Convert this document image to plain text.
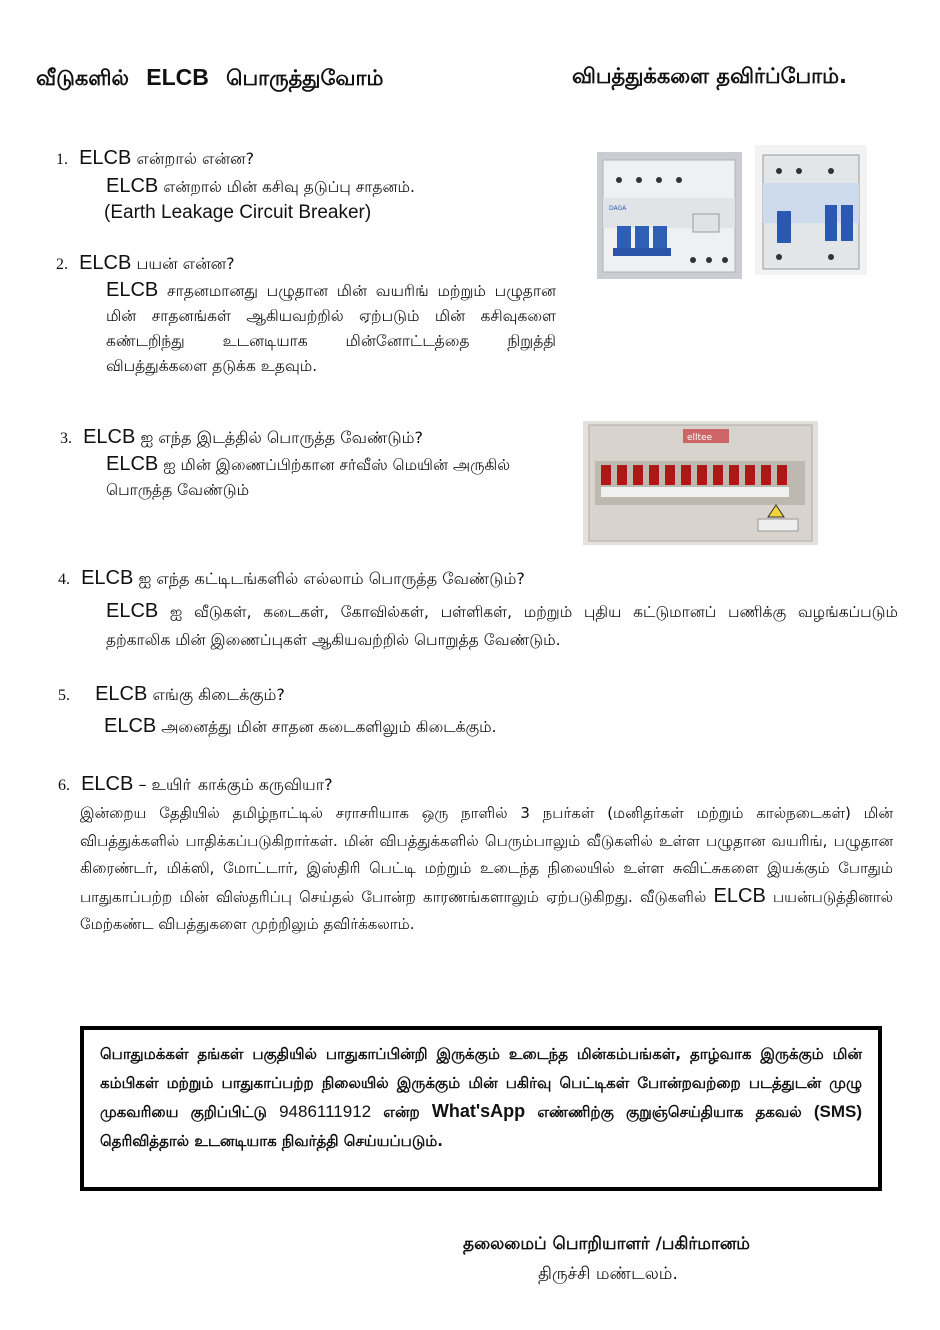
வீடுகளில் ELCB பொருத்துவோம்	விபத்துக்களை தவிர்ப்போம்.
1. ELCB என்றால் என்ன?
ELCB என்றால் மின் கசிவு தடுப்பு சாதனம்.
(Earth Leakage Circuit Breaker)
2. ELCB பயன் என்ன?
ELCB சாதனமானது பழுதான மின் வயரிங் மற்றும் பழுதான மின் சாதனங்கள் ஆகியவற்றில் ஏற்படும் மின் கசிவுகளை கண்டறிந்து உடனடியாக மின்னோட்டத்தை நிறுத்தி விபத்துக்களை தடுக்க உதவும்.
3. ELCB ஐ எந்த இடத்தில் பொருத்த வேண்டும்?
ELCB ஐ மின் இணைப்பிற்கான சர்வீஸ் மெயின் அருகில் பொருத்த வேண்டும்
4. ELCB ஐ எந்த கட்டிடங்களில் எல்லாம் பொருத்த வேண்டும்?
ELCB ஐ வீடுகள், கடைகள், கோவில்கள், பள்ளிகள், மற்றும் புதிய கட்டுமானப் பணிக்கு வழங்கப்படும் தற்காலிக மின் இணைப்புகள் ஆகியவற்றில் பொறுத்த வேண்டும்.
5. ELCB எங்கு கிடைக்கும்?
ELCB அனைத்து மின் சாதன கடைகளிலும் கிடைக்கும்.
6. ELCB – உயிா் காக்கும் கருவியா?
இன்றைய தேதியில் தமிழ்நாட்டில் சராசரியாக ஒரு நாளில் 3 நபர்கள் (மனிதர்கள் மற்றும் கால்நடைகள்) மின் விபத்துக்களில் பாதிக்கப்படுகிறார்கள். மின் விபத்துக்களில் பெரும்பாலும் வீடுகளில் உள்ள பழுதான வயரிங், பழுதான கிரைண்டர், மிக்ஸி, மோட்டார், இஸ்திரி பெட்டி மற்றும் உடைந்த நிலையில் உள்ள சுவிட்சுகளை இயக்கும் போதும் பாதுகாப்பற்ற மின் விஸ்தரிப்பு செய்தல் போன்ற காரணங்களாலும் ஏற்படுகிறது. வீடுகளில் ELCB பயன்படுத்தினால் மேற்கண்ட விபத்துகளை முற்றிலும் தவிர்க்கலாம்.
DAGA
elltee
பொதுமக்கள் தங்கள் பகுதியில் பாதுகாப்பின்றி இருக்கும் உடைந்த மின்கம்பங்கள், தாழ்வாக இருக்கும் மின் கம்பிகள் மற்றும் பாதுகாப்பற்ற நிலையில் இருக்கும் மின் பகிர்வு பெட்டிகள் போன்றவற்றை படத்துடன் முழு முகவரியை குறிப்பிட்டு 9486111912 என்ற What'sApp எண்ணிற்கு குறுஞ்செய்தியாக தகவல் (SMS) தெரிவித்தால் உடனடியாக நிவர்த்தி செய்யப்படும்.
தலைமைப் பொறியாளர் /பகிர்மானம்
திருச்சி மண்டலம்.
